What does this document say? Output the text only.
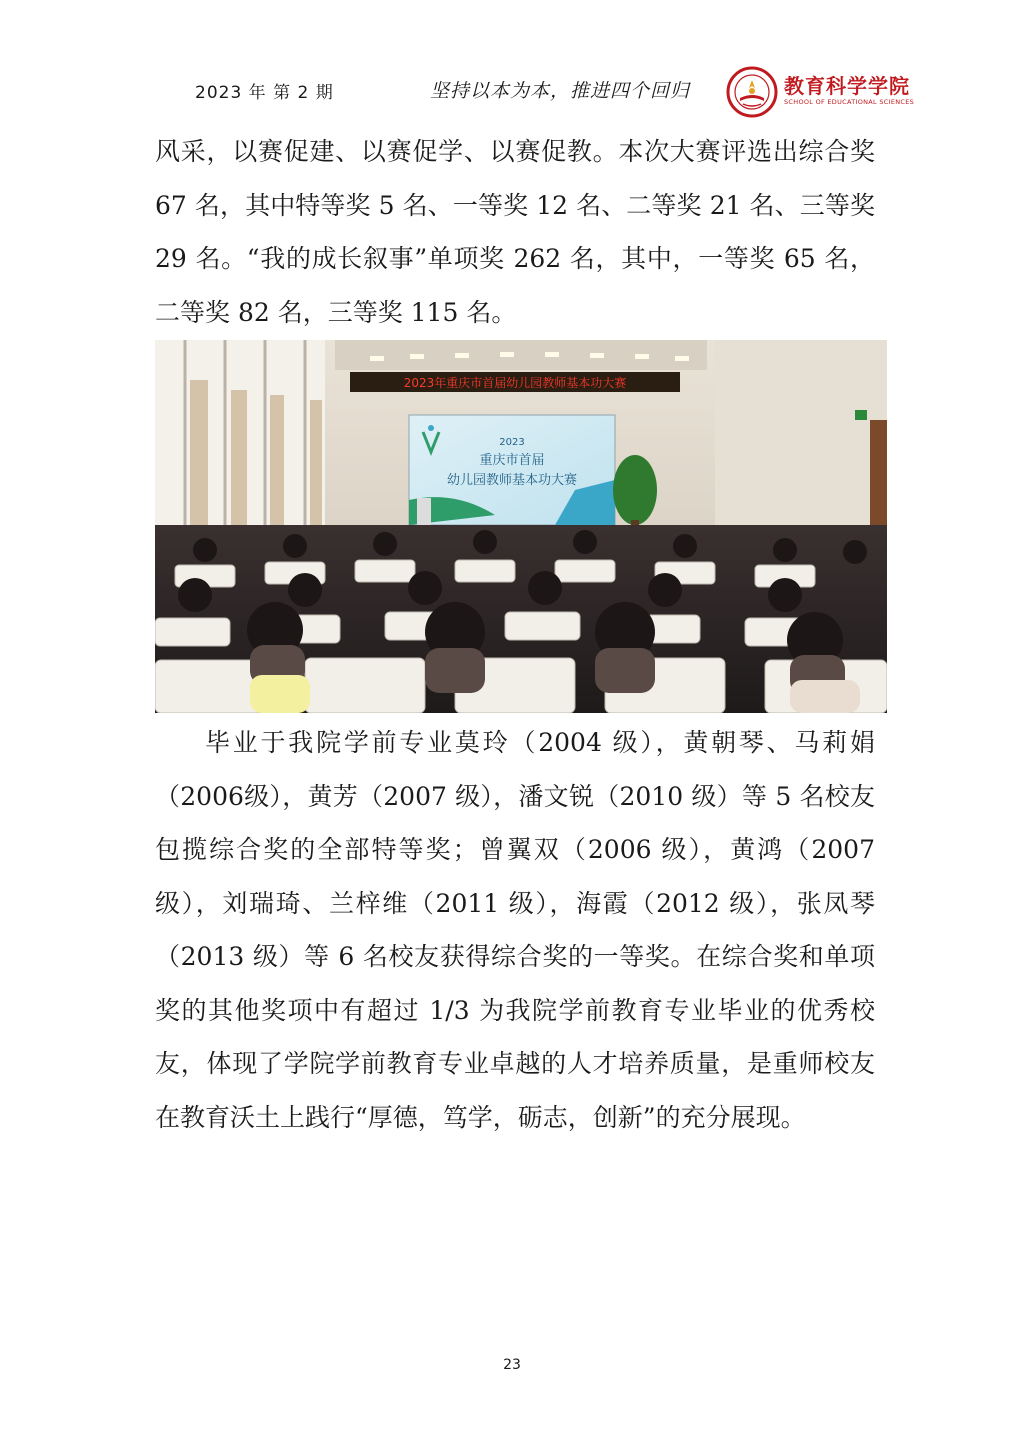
2023 年 第 2 期	坚持以本为本，推进四个回归	教育科学学院
SCHOOL OF EDUCATIONAL SCIENCES

风采，以赛促建、以赛促学、以赛促教。本次大赛评选出综合奖67 名，其中特等奖 5 名、一等奖 12 名、二等奖 21 名、三等奖29 名。“我的成长叙事”单项奖 262 名，其中，一等奖 65 名，二等奖 82 名，三等奖 115 名。

2023年重庆市首届幼儿园教师基本功大赛
2023
重庆市首届
幼儿园教师基本功大赛

毕业于我院学前专业莫玲（2004 级），黄朝琴、马莉娟（2006级），黄芳（2007 级），潘文锐（2010 级）等 5 名校友包揽综合奖的全部特等奖；曾翼双（2006 级），黄鸿（2007 级），刘瑞琦、兰梓维（2011 级），海霞（2012 级），张凤琴（2013 级）等 6 名校友获得综合奖的一等奖。在综合奖和单项奖的其他奖项中有超过 1/3 为我院学前教育专业毕业的优秀校友，体现了学院学前教育专业卓越的人才培养质量，是重师校友在教育沃土上践行“厚德，笃学，砺志，创新”的充分展现。

23
